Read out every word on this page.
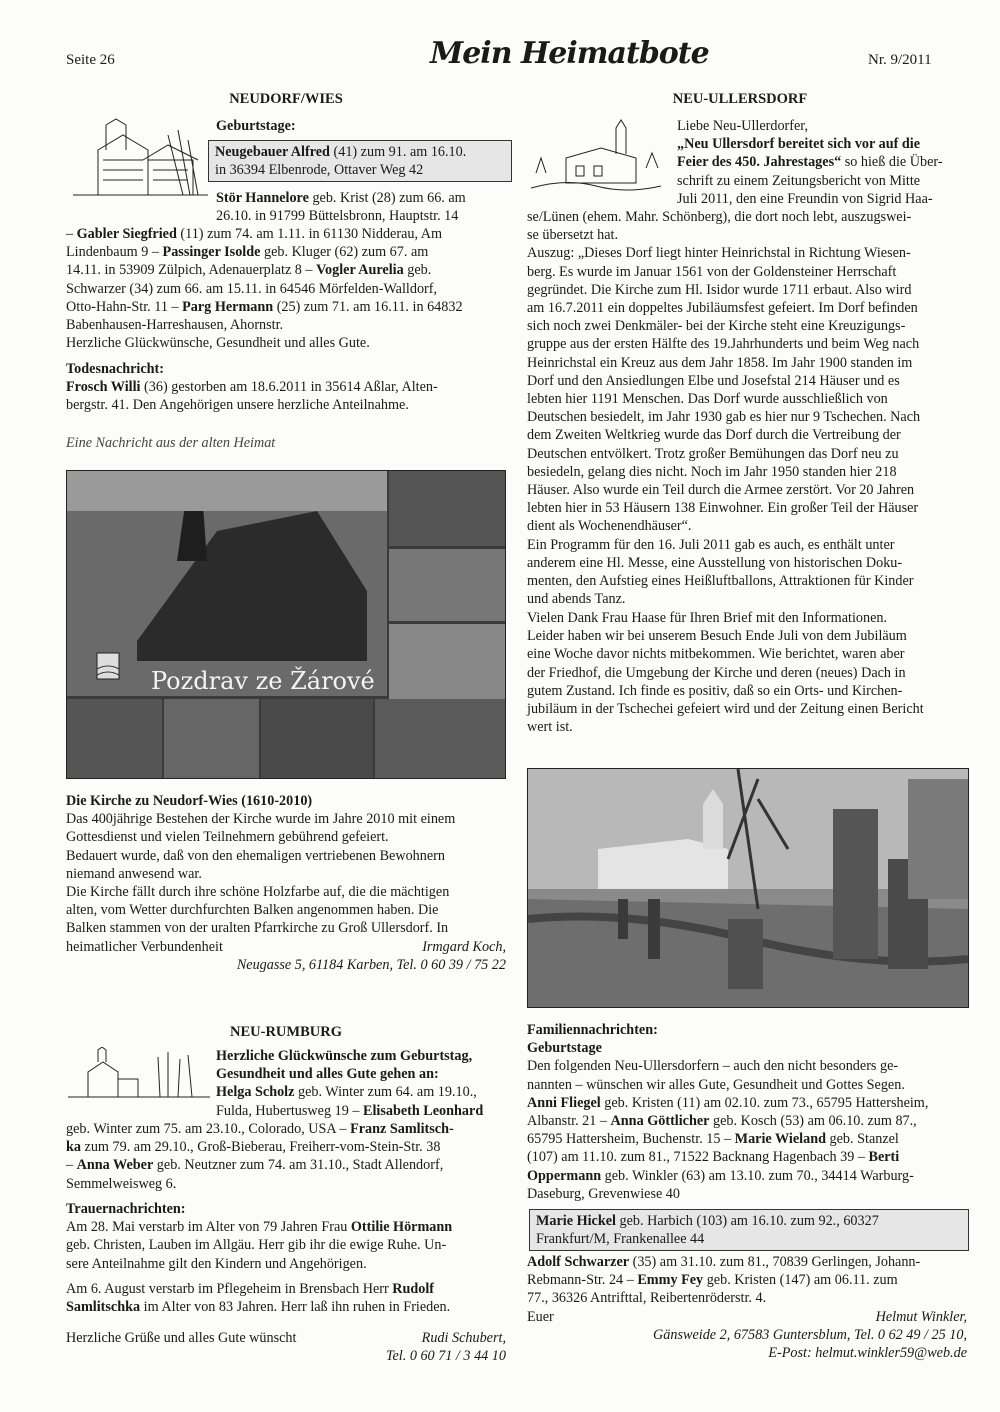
Seite 26	Mein Heimatbote	Nr. 9/2011
NEUDORF/WIES

Geburtstage:

Neugebauer Alfred (41) zum 91. am 16.10.

in 36394 Elbenrode, Ottaver Weg 42

Stör Hannelore geb. Krist (28) zum 66. am

26.10. in 91799 Büttelsbronn, Hauptstr. 14

– Gabler Siegfried (11) zum 74. am 1.11. in 61130 Nidderau, Am

Lindenbaum 9 – Passinger Isolde geb. Kluger (62) zum 67. am

14.11. in 53909 Zülpich, Adenauerplatz 8 – Vogler Aurelia geb.

Schwarzer (34) zum 66. am 15.11. in 64546 Mörfelden-Walldorf,

Otto-Hahn-Str. 11 – Parg Hermann (25) zum 71. am 16.11. in 64832

Babenhausen-Harreshausen, Ahornstr.

Herzliche Glückwünsche, Gesundheit und alles Gute.

Todesnachricht:

Frosch Willi (36) gestorben am 18.6.2011 in 35614 Aßlar, Alten-

bergstr. 41. Den Angehörigen unsere herzliche Anteilnahme.

Eine Nachricht aus der alten Heimat
Pozdrav ze Žárové

Die Kirche zu Neudorf-Wies (1610-2010)

Das 400jährige Bestehen der Kirche wurde im Jahre 2010 mit einem

Gottesdienst und vielen Teilnehmern gebührend gefeiert.

Bedauert wurde, daß von den ehemaligen vertriebenen Bewohnern

niemand anwesend war.

Die Kirche fällt durch ihre schöne Holzfarbe auf, die die mächtigen

alten, vom Wetter durchfurchten Balken angenommen haben. Die

Balken stammen von der uralten Pfarrkirche zu Groß Ullersdorf. In

heimatlicher Verbundenheit	Irmgard Koch,

Neugasse 5, 61184 Karben, Tel. 0 60 39 / 75 22

NEU-RUMBURG

Herzliche Glückwünsche zum Geburtstag,

Gesundheit und alles Gute gehen an:

Helga Scholz geb. Winter zum 64. am 19.10.,

Fulda, Hubertusweg 19 – Elisabeth Leonhard

geb. Winter zum 75. am 23.10., Colorado, USA – Franz Samlitsch-

ka zum 79. am 29.10., Groß-Bieberau, Freiherr-vom-Stein-Str. 38

– Anna Weber geb. Neutzner zum 74. am 31.10., Stadt Allendorf,

Semmelweisweg 6.

Trauernachrichten:

Am 28. Mai verstarb im Alter von 79 Jahren Frau Ottilie Hörmann

geb. Christen, Lauben im Allgäu. Herr gib ihr die ewige Ruhe. Un-

sere Anteilnahme gilt den Kindern und Angehörigen.

Am 6. August verstarb im Pflegeheim in Brensbach Herr Rudolf

Samlitschka im Alter von 83 Jahren. Herr laß ihn ruhen in Frieden.

Herzliche Grüße und alles Gute wünscht	Rudi Schubert,

Tel. 0 60 71 / 3 44 10

NEU-ULLERSDORF

Liebe Neu-Ullerdorfer,

„Neu Ullersdorf bereitet sich vor auf die

Feier des 450. Jahrestages“ so hieß die Über-

schrift zu einem Zeitungsbericht von Mitte

Juli 2011, den eine Freundin von Sigrid Haa-

se/Lünen (ehem. Mahr. Schönberg), die dort noch lebt, auszugswei-

se übersetzt hat.

Auszug: „Dieses Dorf liegt hinter Heinrichstal in Richtung Wiesen-

berg. Es wurde im Januar 1561 von der Goldensteiner Herrschaft

gegründet. Die Kirche zum Hl. Isidor wurde 1711 erbaut. Also wird

am 16.7.2011 ein doppeltes Jubiläumsfest gefeiert. Im Dorf befinden

sich noch zwei Denkmäler- bei der Kirche steht eine Kreuzigungs-

gruppe aus der ersten Hälfte des 19.Jahrhunderts und beim Weg nach

Heinrichstal ein Kreuz aus dem Jahr 1858. Im Jahr 1900 standen im

Dorf und den Ansiedlungen Elbe und Josefstal 214 Häuser und es

lebten hier 1191 Menschen. Das Dorf wurde ausschließlich von

Deutschen besiedelt, im Jahr 1930 gab es hier nur 9 Tschechen. Nach

dem Zweiten Weltkrieg wurde das Dorf durch die Vertreibung der

Deutschen entvölkert. Trotz großer Bemühungen das Dorf neu zu

besiedeln, gelang dies nicht. Noch im Jahr 1950 standen hier 218

Häuser. Also wurde ein Teil durch die Armee zerstört. Vor 20 Jahren

lebten hier in 53 Häusern 138 Einwohner. Ein großer Teil der Häuser

dient als Wochenendhäuser“.

Ein Programm für den 16. Juli 2011 gab es auch, es enthält unter

anderem eine Hl. Messe, eine Ausstellung von historischen Doku-

menten, den Aufstieg eines Heißluftballons, Attraktionen für Kinder

und abends Tanz.

Vielen Dank Frau Haase für Ihren Brief mit den Informationen.

Leider haben wir bei unserem Besuch Ende Juli von dem Jubiläum

eine Woche davor nichts mitbekommen. Wie berichtet, waren aber

der Friedhof, die Umgebung der Kirche und deren (neues) Dach in

gutem Zustand. Ich finde es positiv, daß so ein Orts- und Kirchen-

jubiläum in der Tschechei gefeiert wird und der Zeitung einen Bericht

wert ist.

Familiennachrichten:

Geburtstage

Den folgenden Neu-Ullersdorfern – auch den nicht besonders ge-

nannten – wünschen wir alles Gute, Gesundheit und Gottes Segen.

Anni Fliegel geb. Kristen (11) am 02.10. zum 73., 65795 Hattersheim,

Albanstr. 21 – Anna Göttlicher geb. Kosch (53) am 06.10. zum 87.,

65795 Hattersheim, Buchenstr. 15 – Marie Wieland geb. Stanzel

(107) am 11.10. zum 81., 71522 Backnang Hagenbach 39 – Berti

Oppermann geb. Winkler (63) am 13.10. zum 70., 34414 Warburg-

Daseburg, Grevenwiese 40

Marie Hickel geb. Harbich (103) am 16.10. zum 92., 60327

Frankfurt/M, Frankenallee 44

Adolf Schwarzer (35) am 31.10. zum 81., 70839 Gerlingen, Johann-

Rebmann-Str. 24 – Emmy Fey geb. Kristen (147) am 06.11. zum

77., 36326 Antrifttal, Reibertenröderstr. 4.

Euer	Helmut Winkler,

Gänsweide 2, 67583 Guntersblum, Tel. 0 62 49 / 25 10,

E-Post: helmut.winkler59@web.de
